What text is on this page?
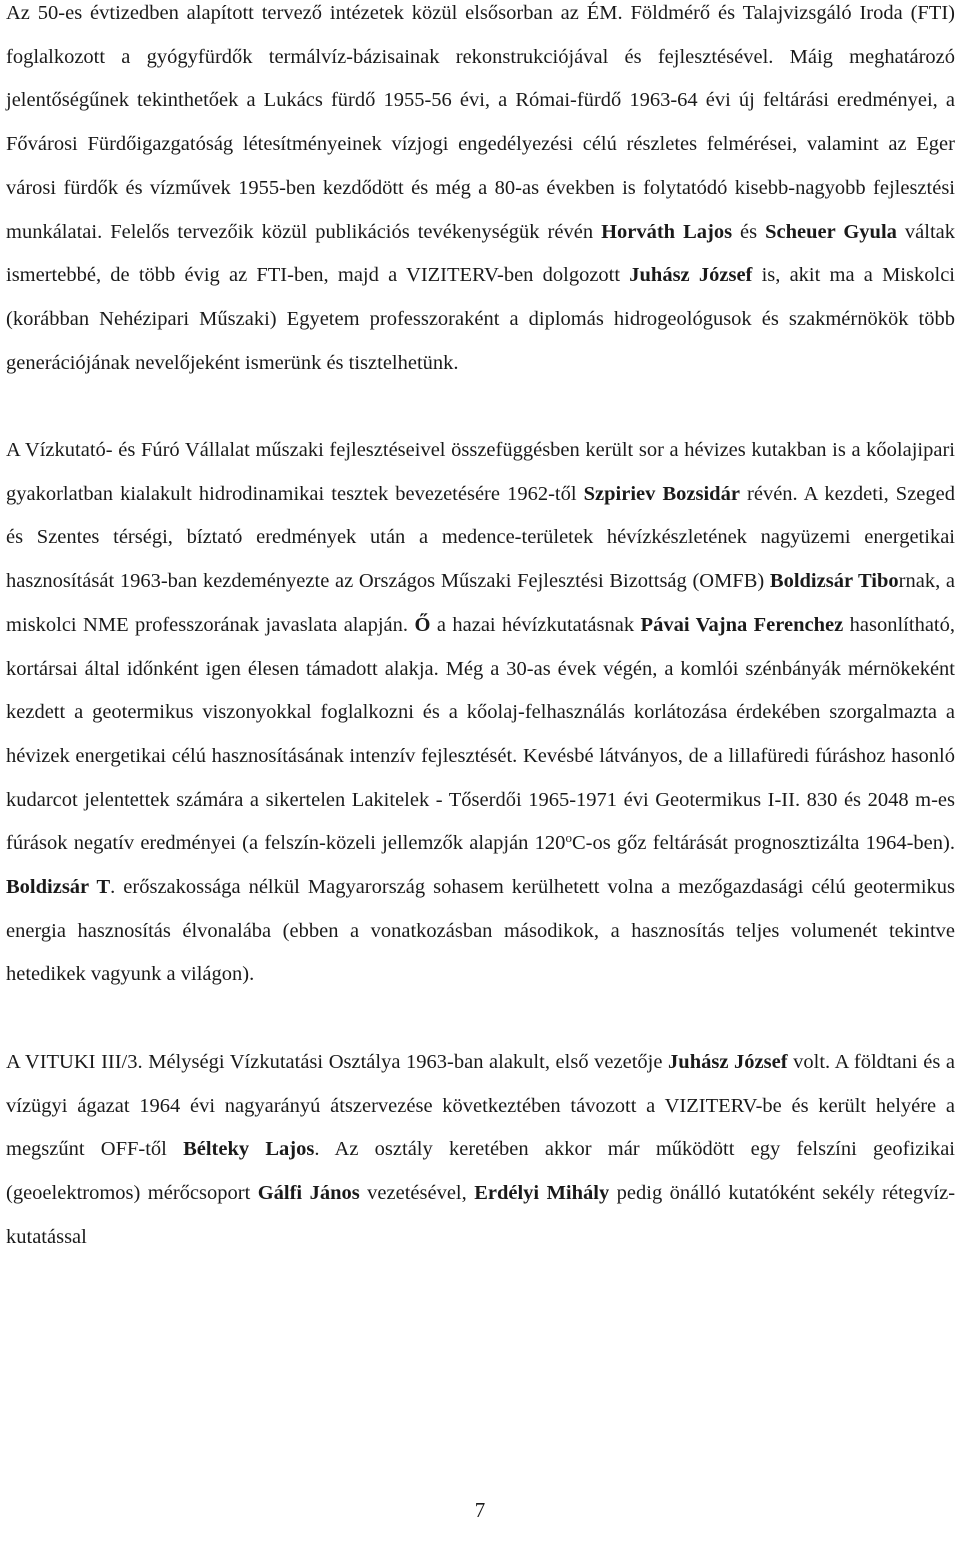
Az 50-es évtizedben alapított tervező intézetek közül elsősorban az ÉM. Földmérő és Talajvizsgáló Iroda (FTI) foglalkozott a gyógyfürdők termálvíz-bázisainak rekonstrukciójával és fejlesztésével. Máig meghatározó jelentőségűnek tekinthetőek a Lukács fürdő 1955-56 évi, a Római-fürdő 1963-64 évi új feltárási eredményei, a Fővárosi Fürdőigazgatóság létesítményeinek vízjogi engedélyezési célú részletes felmérései, valamint az Eger városi fürdők és vízművek 1955-ben kezdődött és még a 80-as években is folytatódó kisebb-nagyobb fejlesztési munkálatai. Felelős tervezőik közül publikációs tevékenységük révén Horváth Lajos és Scheuer Gyula váltak ismertebbé, de több évig az FTI-ben, majd a VIZITERV-ben dolgozott Juhász József is, akit ma a Miskolci (korábban Nehézipari Műszaki) Egyetem professzoraként a diplomás hidrogeológusok és szakmérnökök több generációjának nevelőjeként ismerünk és tisztelhetünk.

A Vízkutató- és Fúró Vállalat műszaki fejlesztéseivel összefüggésben került sor a hévizes kutakban is a kőolajipari gyakorlatban kialakult hidrodinamikai tesztek bevezetésére 1962-től Szpiriev Bozsidár révén. A kezdeti, Szeged és Szentes térségi, bíztató eredmények után a medence-területek hévízkészletének nagyüzemi energetikai hasznosítását 1963-ban kezdeményezte az Országos Műszaki Fejlesztési Bizottság (OMFB) Boldizsár Tibornak, a miskolci NME professzorának javaslata alapján. Ő a hazai hévízkutatásnak Pávai Vajna Ferenchez hasonlítható, kortársai által időnként igen élesen támadott alakja. Még a 30-as évek végén, a komlói szénbányák mérnökeként kezdett a geotermikus viszonyokkal foglalkozni és a kőolaj-felhasználás korlátozása érdekében szorgalmazta a hévizek energetikai célú hasznosításának intenzív fejlesztését. Kevésbé látványos, de a lillafüredi fúráshoz hasonló kudarcot jelentettek számára a sikertelen Lakitelek - Tőserdői 1965-1971 évi Geotermikus I-II. 830 és 2048 m-es fúrások negatív eredményei (a felszín-közeli jellemzők alapján 120$^o$C-os gőz feltárását prognosztizálta 1964-ben). Boldizsár T. erőszakossága nélkül Magyarország sohasem kerülhetett volna a mezőgazdasági célú geotermikus energia hasznosítás élvonalába (ebben a vonatkozásban másodikok, a hasznosítás teljes volumenét tekintve hetedikek vagyunk a világon).

A VITUKI III/3. Mélységi Vízkutatási Osztálya 1963-ban alakult, első vezetője Juhász József volt. A földtani és a vízügyi ágazat 1964 évi nagyarányú átszervezése következtében távozott a VIZITERV-be és került helyére a megszűnt OFF-től Bélteky Lajos. Az osztály keretében akkor már működött egy felszíni geofizikai (geoelektromos) mérőcsoport Gálfi János vezetésével, Erdélyi Mihály pedig önálló kutatóként sekély rétegvíz-kutatással

7
